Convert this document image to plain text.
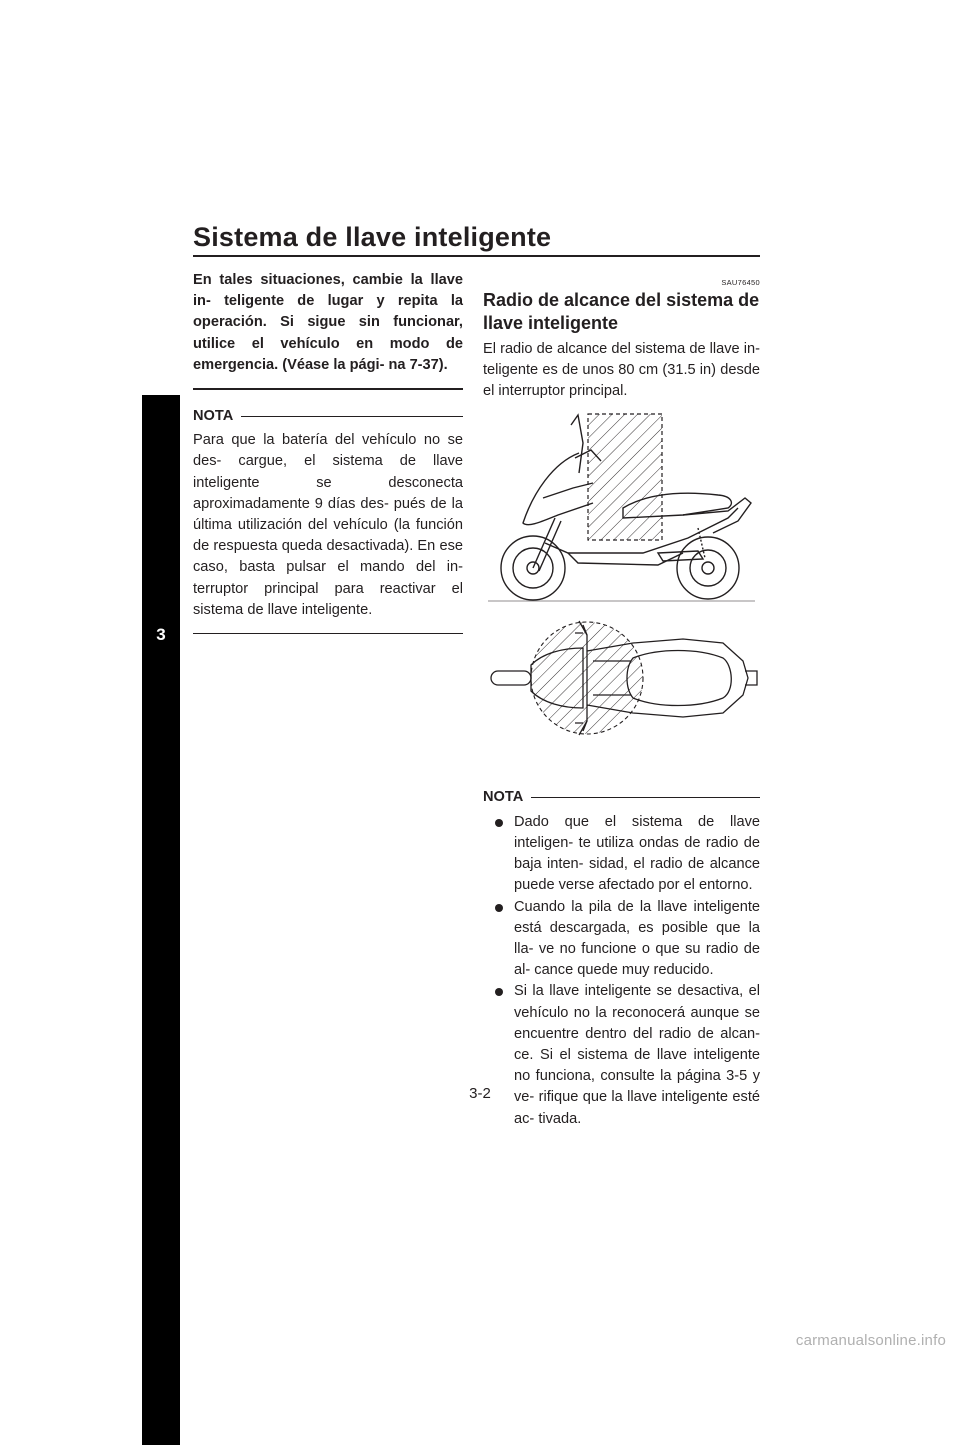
Sistema de llave inteligente
3

En tales situaciones, cambie la llave in- teligente de lugar y repita la operación. Si sigue sin funcionar, utilice el vehículo en modo de emergencia. (Véase la pági- na 7-37).

NOTA

Para que la batería del vehículo no se des- cargue, el sistema de llave inteligente se desconecta aproximadamente 9 días des- pués de la última utilización del vehículo (la función de respuesta queda desactivada). En ese caso, basta pulsar el mando del in- terruptor principal para reactivar el sistema de llave inteligente.

SAU76450

Radio de alcance del sistema de llave inteligente

El radio de alcance del sistema de llave in- teligente es de unos 80 cm (31.5 in) desde el interruptor principal.

NOTA
Dado que el sistema de llave inteligen- te utiliza ondas de radio de baja inten- sidad, el radio de alcance puede verse afectado por el entorno.
Cuando la pila de la llave inteligente está descargada, es posible que la lla- ve no funcione o que su radio de al- cance quede muy reducido.
Si la llave inteligente se desactiva, el vehículo no la reconocerá aunque se encuentre dentro del radio de alcan- ce. Si el sistema de llave inteligente no funciona, consulte la página 3-5 y ve- rifique que la llave inteligente esté ac- tivada.
3-2
carmanualsonline.info
